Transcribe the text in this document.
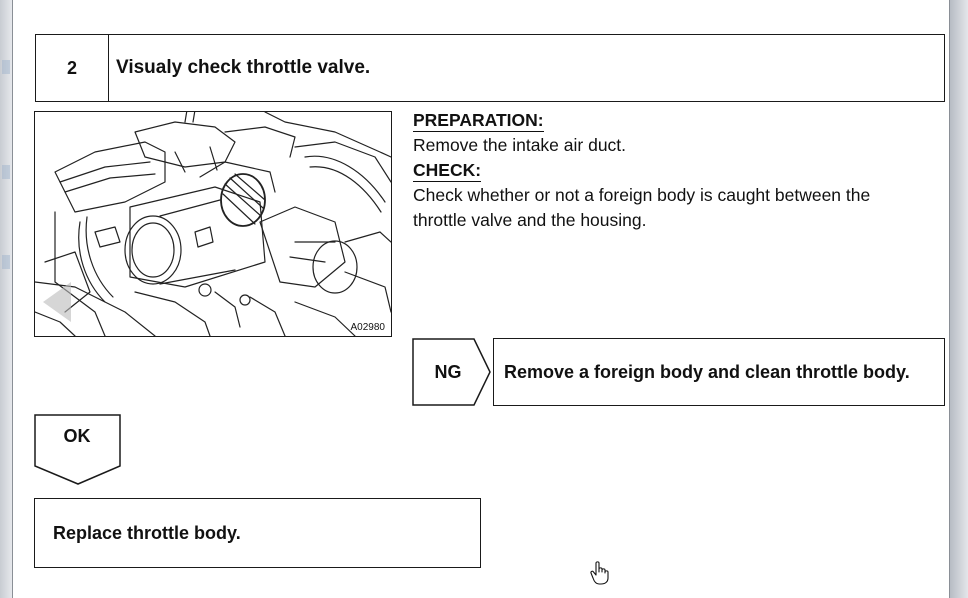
2	Visualy check throttle valve.
A02980
PREPARATION:
Remove the intake air duct.
CHECK:
Check whether or not a foreign body is caught between the
throttle valve and the housing.
NG	Remove a foreign body and clean throttle body.
OK
Replace throttle body.
